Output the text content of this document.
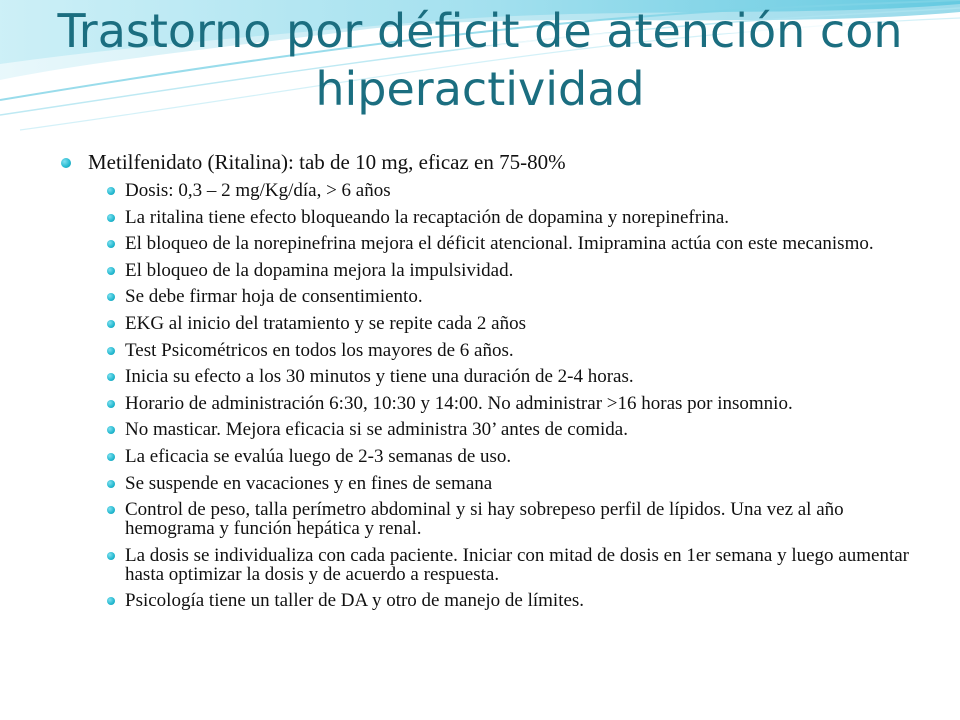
Trastorno por déficit de atención con hiperactividad
Metilfenidato (Ritalina): tab de 10 mg, eficaz en 75-80%
Dosis: 0,3 – 2 mg/Kg/día, > 6 años
La ritalina tiene efecto bloqueando la recaptación de dopamina y norepinefrina.
El bloqueo de la norepinefrina mejora el déficit atencional. Imipramina actúa con este mecanismo.
El bloqueo de la dopamina mejora la impulsividad.
Se debe firmar hoja de consentimiento.
EKG al inicio del tratamiento y se repite cada 2 años
Test Psicométricos en todos los mayores de 6 años.
Inicia su efecto a los 30 minutos y tiene una duración de 2-4 horas.
Horario de administración 6:30, 10:30 y 14:00. No administrar >16 horas por insomnio.
No masticar. Mejora eficacia si se administra 30’ antes de comida.
La eficacia se evalúa luego de 2-3 semanas de uso.
Se suspende en vacaciones y en fines de semana
Control de peso, talla perímetro abdominal y si hay sobrepeso perfil de lípidos. Una vez al año hemograma y función hepática y renal.
La dosis se individualiza con cada paciente. Iniciar con mitad de dosis en 1er semana y luego aumentar hasta optimizar la dosis y de acuerdo a respuesta.
Psicología tiene un taller de DA y otro de manejo de límites.
